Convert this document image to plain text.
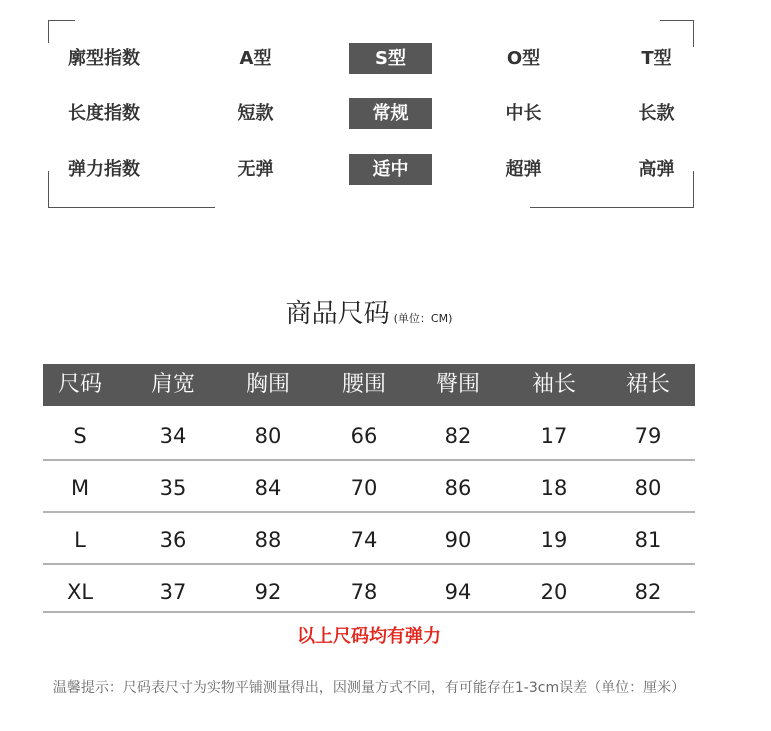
廓型指数	A型	S型	O型	T型
长度指数	短款	常规	中长	长款
弹力指数	无弹	适中	超弹	高弹
商品尺码 (单位：CM)
尺码	肩宽	胸围	腰围	臀围	袖长	裙长
S	34	80	66	82	17	79
M	35	84	70	86	18	80
L	36	88	74	90	19	81
XL	37	92	78	94	20	82
以上尺码均有弹力
温馨提示：尺码表尺寸为实物平铺测量得出，因测量方式不同，有可能存在1-3cm误差（单位：厘米）
